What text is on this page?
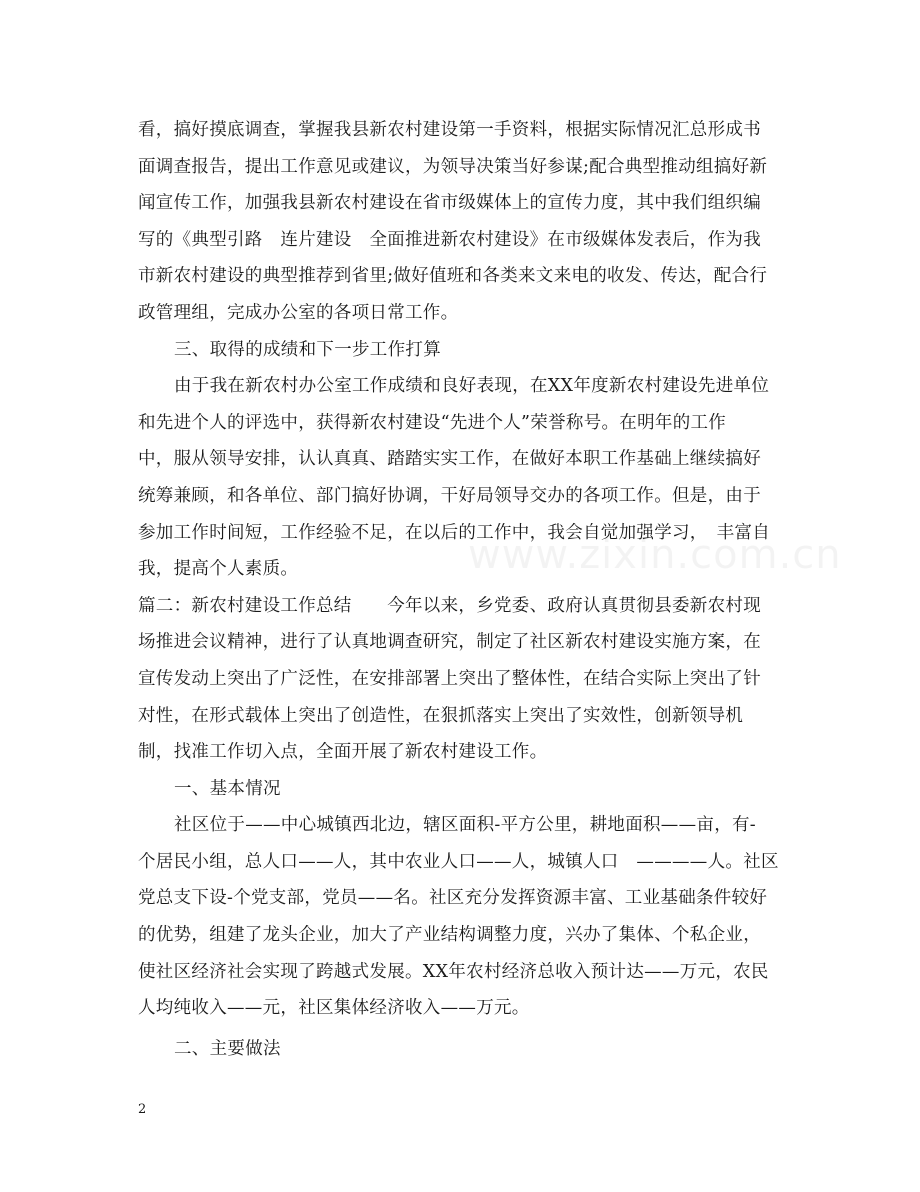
看，搞好摸底调查，掌握我县新农村建设第一手资料，根据实际情况汇总形成书
面调查报告，提出工作意见或建议，为领导决策当好参谋;配合典型推动组搞好新
闻宣传工作，加强我县新农村建设在省市级媒体上的宣传力度，其中我们组织编
写的《典型引路　连片建设　全面推进新农村建设》在市级媒体发表后，作为我
市新农村建设的典型推荐到省里;做好值班和各类来文来电的收发、传达，配合行
政管理组，完成办公室的各项日常工作。
三、取得的成绩和下一步工作打算
由于我在新农村办公室工作成绩和良好表现，在XX年度新农村建设先进单位
和先进个人的评选中，获得新农村建设“先进个人”荣誉称号。在明年的工作
中，服从领导安排，认认真真、踏踏实实工作，在做好本职工作基础上继续搞好
统筹兼顾，和各单位、部门搞好协调，干好局领导交办的各项工作。但是，由于
参加工作时间短，工作经验不足，在以后的工作中，我会自觉加强学习，　丰富自
我，提高个人素质。
篇二：新农村建设工作总结　　今年以来，乡党委、政府认真贯彻县委新农村现
场推进会议精神，进行了认真地调查研究，制定了社区新农村建设实施方案，在
宣传发动上突出了广泛性，在安排部署上突出了整体性，在结合实际上突出了针
对性，在形式载体上突出了创造性，在狠抓落实上突出了实效性，创新领导机
制，找准工作切入点，全面开展了新农村建设工作。
一、基本情况
社区位于——中心城镇西北边，辖区面积-平方公里，耕地面积——亩，有-
个居民小组，总人口——人，其中农业人口——人，城镇人口　————人。社区
党总支下设-个党支部，党员——名。社区充分发挥资源丰富、工业基础条件较好
的优势，组建了龙头企业，加大了产业结构调整力度，兴办了集体、个私企业，
使社区经济社会实现了跨越式发展。XX年农村经济总收入预计达——万元，农民
人均纯收入——元，社区集体经济收入——万元。
二、主要做法
2
